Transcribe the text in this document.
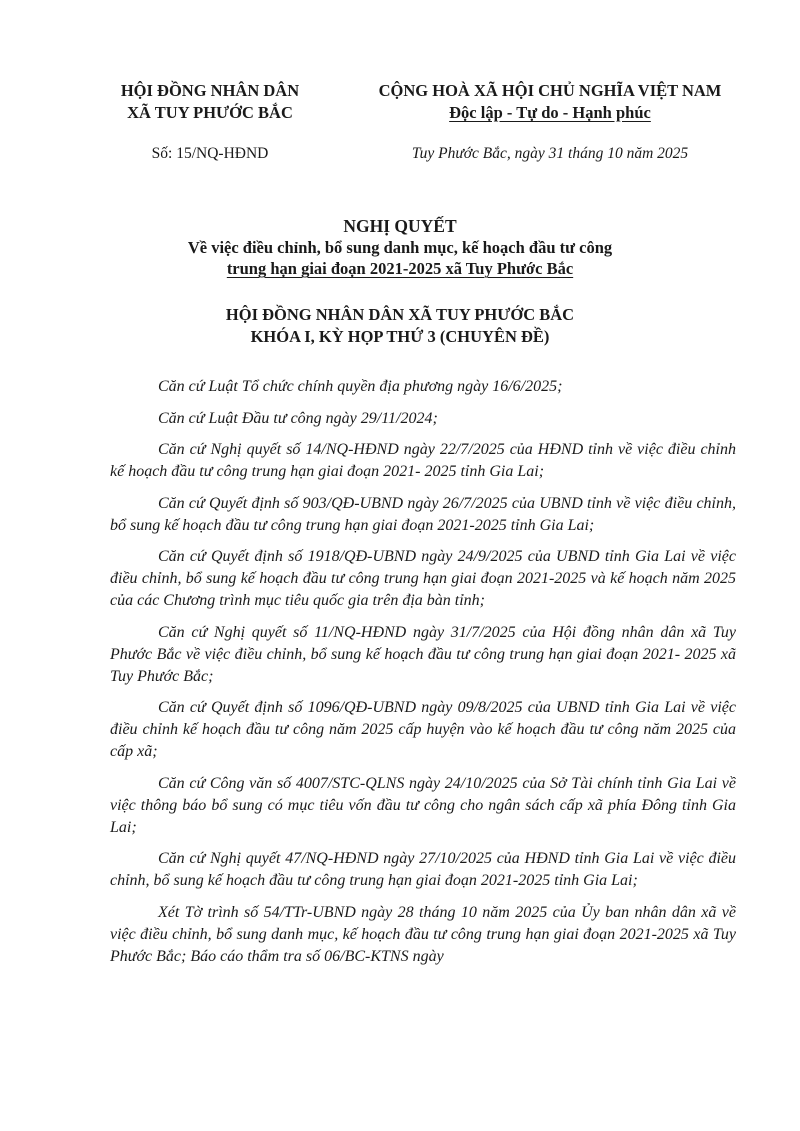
HỘI ĐỒNG NHÂN DÂN
XÃ TUY PHƯỚC BẮC
CỘNG HOÀ XÃ HỘI CHỦ NGHĨA VIỆT NAM
Độc lập - Tự do - Hạnh phúc
Số: 15/NQ-HĐND	Tuy Phước Bắc, ngày 31 tháng 10 năm 2025
NGHỊ QUYẾT
Về việc điều chỉnh, bổ sung danh mục, kế hoạch đầu tư công
trung hạn giai đoạn 2021-2025 xã Tuy Phước Bắc
HỘI ĐỒNG NHÂN DÂN XÃ TUY PHƯỚC BẮC
KHÓA I, KỲ HỌP THỨ 3 (CHUYÊN ĐỀ)

Căn cứ Luật Tổ chức chính quyền địa phương ngày 16/6/2025;

Căn cứ Luật Đầu tư công ngày 29/11/2024;

Căn cứ Nghị quyết số 14/NQ-HĐND ngày 22/7/2025 của HĐND tỉnh về việc điều chỉnh kế hoạch đầu tư công trung hạn giai đoạn 2021- 2025 tỉnh Gia Lai;

Căn cứ Quyết định số 903/QĐ-UBND ngày 26/7/2025 của UBND tỉnh về việc điều chỉnh, bổ sung kế hoạch đầu tư công trung hạn giai đoạn 2021-2025 tỉnh Gia Lai;

Căn cứ Quyết định số 1918/QĐ-UBND ngày 24/9/2025 của UBND tỉnh Gia Lai về việc điều chỉnh, bổ sung kế hoạch đầu tư công trung hạn giai đoạn 2021-2025 và kế hoạch năm 2025 của các Chương trình mục tiêu quốc gia trên địa bàn tỉnh;

Căn cứ Nghị quyết số 11/NQ-HĐND ngày 31/7/2025 của Hội đồng nhân dân xã Tuy Phước Bắc về việc điều chỉnh, bổ sung kế hoạch đầu tư công trung hạn giai đoạn 2021- 2025 xã Tuy Phước Bắc;

Căn cứ Quyết định số 1096/QĐ-UBND ngày 09/8/2025 của UBND tỉnh Gia Lai về việc điều chỉnh kế hoạch đầu tư công năm 2025 cấp huyện vào kế hoạch đầu tư công năm 2025 của cấp xã;

Căn cứ Công văn số 4007/STC-QLNS ngày 24/10/2025 của Sở Tài chính tỉnh Gia Lai về việc thông báo bổ sung có mục tiêu vốn đầu tư công cho ngân sách cấp xã phía Đông tỉnh Gia Lai;

Căn cứ Nghị quyết 47/NQ-HĐND ngày 27/10/2025 của HĐND tỉnh Gia Lai về việc điều chỉnh, bổ sung kế hoạch đầu tư công trung hạn giai đoạn 2021-2025 tỉnh Gia Lai;

Xét Tờ trình số 54/TTr-UBND ngày 28 tháng 10 năm 2025 của Ủy ban nhân dân xã về việc điều chỉnh, bổ sung danh mục, kế hoạch đầu tư công trung hạn giai đoạn 2021-2025 xã Tuy Phước Bắc; Báo cáo thẩm tra số 06/BC-KTNS ngày
